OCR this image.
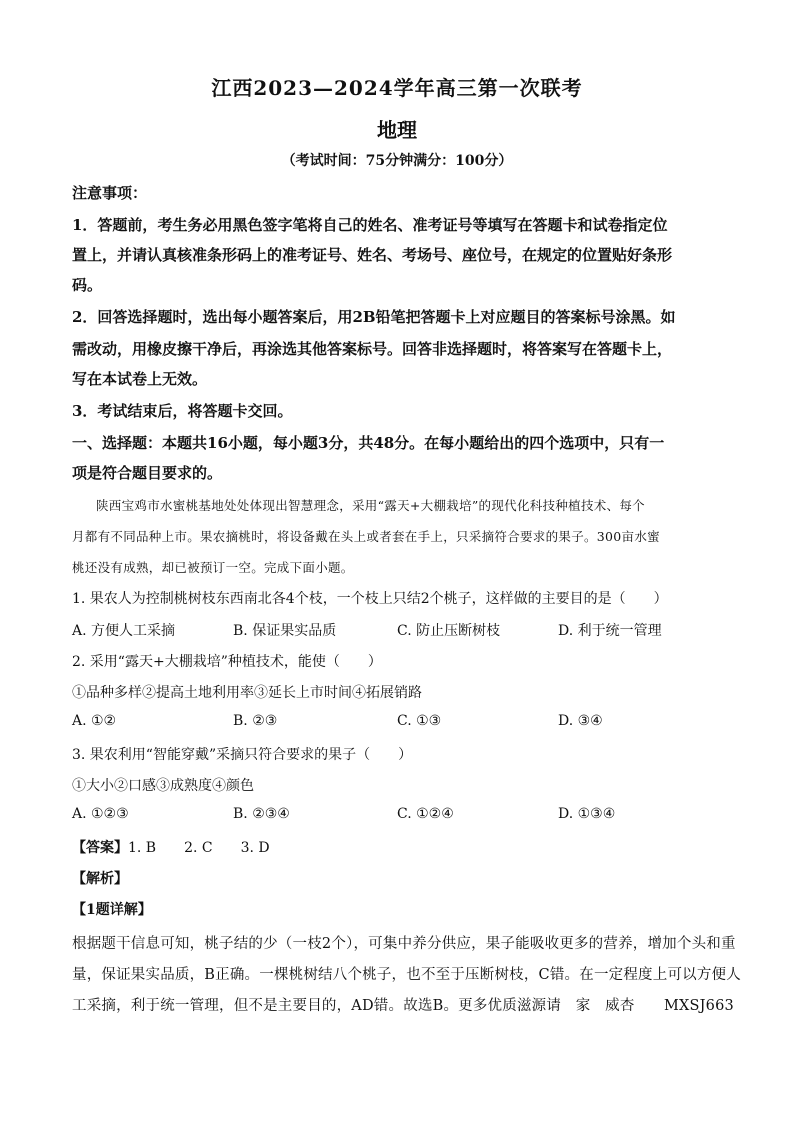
江西2023—2024学年高三第一次联考
地理
（考试时间：75分钟满分：100分）
注意事项：
1．答题前，考生务必用黑色签字笔将自己的姓名、准考证号等填写在答题卡和试卷指定位
置上，并请认真核准条形码上的准考证号、姓名、考场号、座位号，在规定的位置贴好条形
码。
2．回答选择题时，选出每小题答案后，用2B铅笔把答题卡上对应题目的答案标号涂黑。如
需改动，用橡皮擦干净后，再涂选其他答案标号。回答非选择题时，将答案写在答题卡上，
写在本试卷上无效。
3．考试结束后，将答题卡交回。
一、选择题：本题共16小题，每小题3分，共48分。在每小题给出的四个选项中，只有一
项是符合题目要求的。
陕西宝鸡市水蜜桃基地处处体现出智慧理念，采用“露天+大棚栽培”的现代化科技种植技术、每个
月都有不同品种上市。果农摘桃时，将设备戴在头上或者套在手上，只采摘符合要求的果子。300亩水蜜
桃还没有成熟，却已被预订一空。完成下面小题。
1. 果农人为控制桃树枝东西南北各4个枝，一个枝上只结2个桃子，这样做的主要目的是（　　）
A. 方便人工采摘	B. 保证果实品质	C. 防止压断树枝	D. 利于统一管理
2. 采用“露天+大棚栽培”种植技术，能使（　　）
①品种多样②提高土地利用率③延长上市时间④拓展销路
A. ①②	B. ②③	C. ①③	D. ③④
3. 果农利用“智能穿戴”采摘只符合要求的果子（　　）
①大小②口感③成熟度④颜色
A. ①②③	B. ②③④	C. ①②④	D. ①③④
【答案】1. B　　2. C　　3. D
【解析】
【1题详解】
根据题干信息可知，桃子结的少（一枝2个），可集中养分供应，果子能吸收更多的营养，增加个头和重
量，保证果实品质，B正确。一棵桃树结八个桃子，也不至于压断树枝，C错。在一定程度上可以方便人
工采摘，利于统一管理，但不是主要目的，AD错。故选B。更多优质滋源请　家　威杏　　MXSJ663
